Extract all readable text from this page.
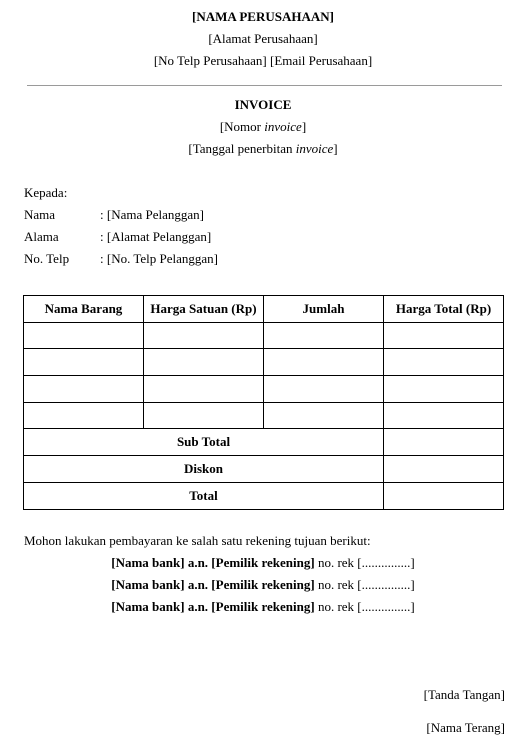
[NAMA PERUSAHAAN]
[Alamat Perusahaan]
[No Telp Perusahaan] [Email Perusahaan]
INVOICE
[Nomor invoice]
[Tanggal penerbitan invoice]
Kepada:
Nama	: [Nama Pelanggan]
Alama	: [Alamat Pelanggan]
No. Telp : [No. Telp Pelanggan]
Nama Barang	Harga Satuan (Rp)	Jumlah	Harga Total (Rp)

Sub Total			
Diskon			
Total			
Mohon lakukan pembayaran ke salah satu rekening tujuan berikut:
[Nama bank] a.n. [Pemilik rekening] no. rek [...............]
[Nama bank] a.n. [Pemilik rekening] no. rek [...............]
[Nama bank] a.n. [Pemilik rekening] no. rek [...............]
[Tanda Tangan]
[Nama Terang]
